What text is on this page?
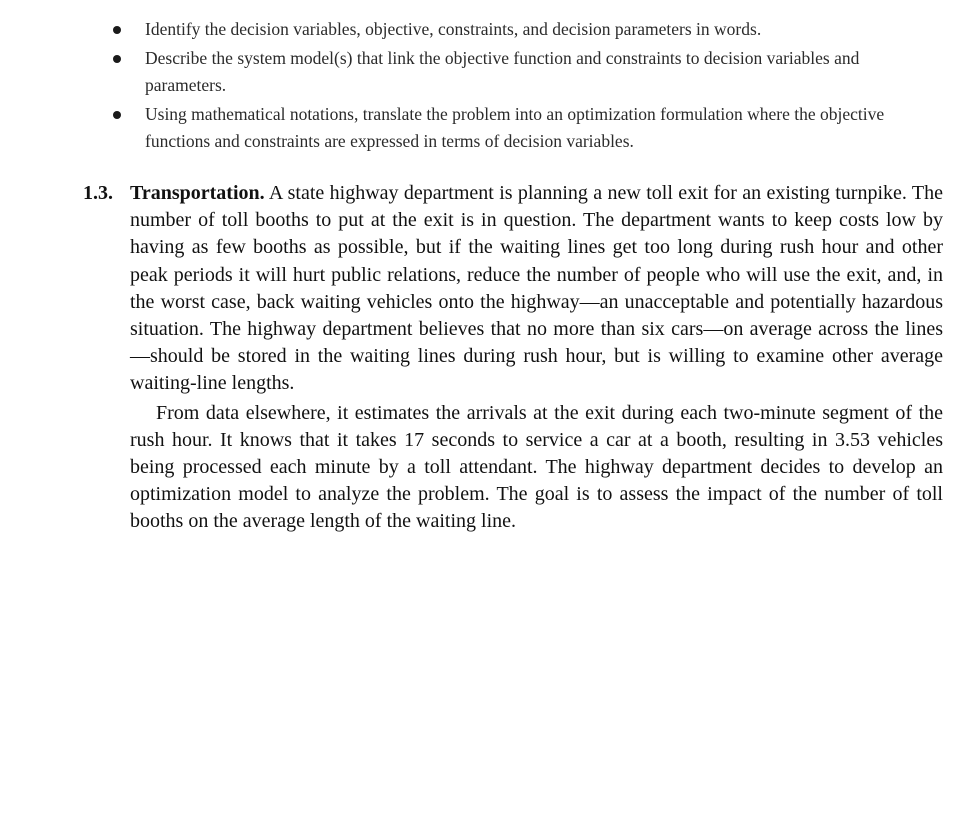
Identify the decision variables, objective, constraints, and decision parameters in words.
Describe the system model(s) that link the objective function and constraints to decision variables and parameters.
Using mathematical notations, translate the problem into an optimization formulation where the objective functions and constraints are expressed in terms of decision variables.

1.3. Transportation. A state highway department is planning a new toll exit for an existing turnpike. The number of toll booths to put at the exit is in question. The department wants to keep costs low by having as few booths as possible, but if the waiting lines get too long during rush hour and other peak periods it will hurt public relations, reduce the number of people who will use the exit, and, in the worst case, back waiting vehicles onto the highway—an unacceptable and potentially hazardous situation. The highway department believes that no more than six cars—on average across the lines—should be stored in the waiting lines during rush hour, but is willing to examine other average waiting-line lengths.

From data elsewhere, it estimates the arrivals at the exit during each two-minute segment of the rush hour. It knows that it takes 17 seconds to service a car at a booth, resulting in 3.53 vehicles being processed each minute by a toll attendant. The highway department decides to develop an optimization model to analyze the problem. The goal is to assess the impact of the number of toll booths on the average length of the waiting line.
